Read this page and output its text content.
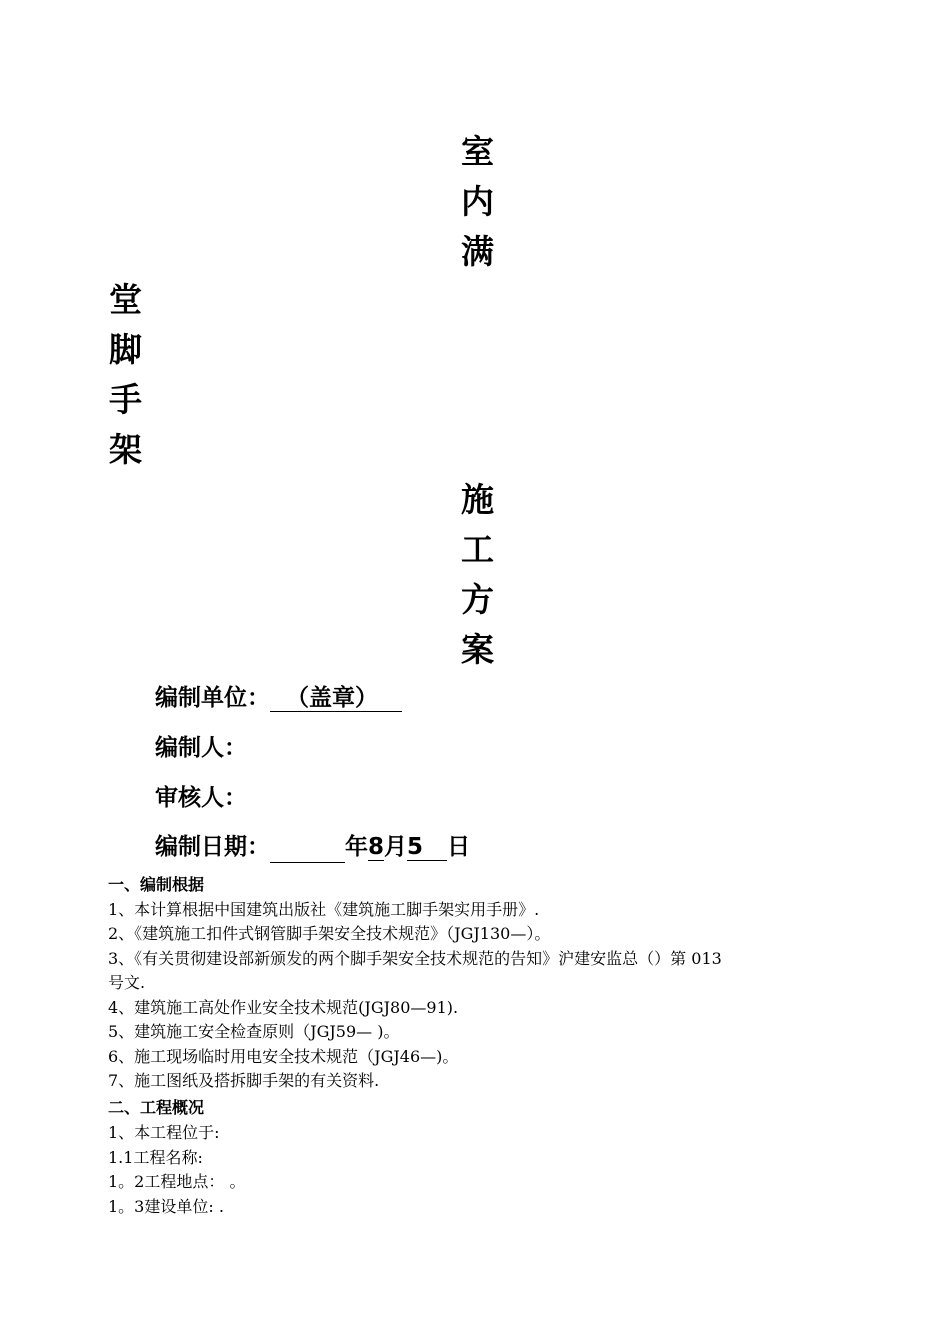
室
内
满
堂
脚
手
架
施
工
方
案
编制单位： （盖章）
编制人：
审核人：
编制日期：	年8月5 日
一、编制根据
1、本计算根据中国建筑出版社《建筑施工脚手架实用手册》.
2、《建筑施工扣件式钢管脚手架安全技术规范》（JGJ130—）。
3、《有关贯彻建设部新颁发的两个脚手架安全技术规范的告知》沪建安监总（）第 013
号文.
4、建筑施工高处作业安全技术规范(JGJ80—91).
5、建筑施工安全检查原则（JGJ59— )。
6、施工现场临时用电安全技术规范（JGJ46—)。
7、施工图纸及搭拆脚手架的有关资料.
二、工程概况
1、本工程位于:
1.1工程名称:
1。2工程地点： 。
1。3建设单位: .
